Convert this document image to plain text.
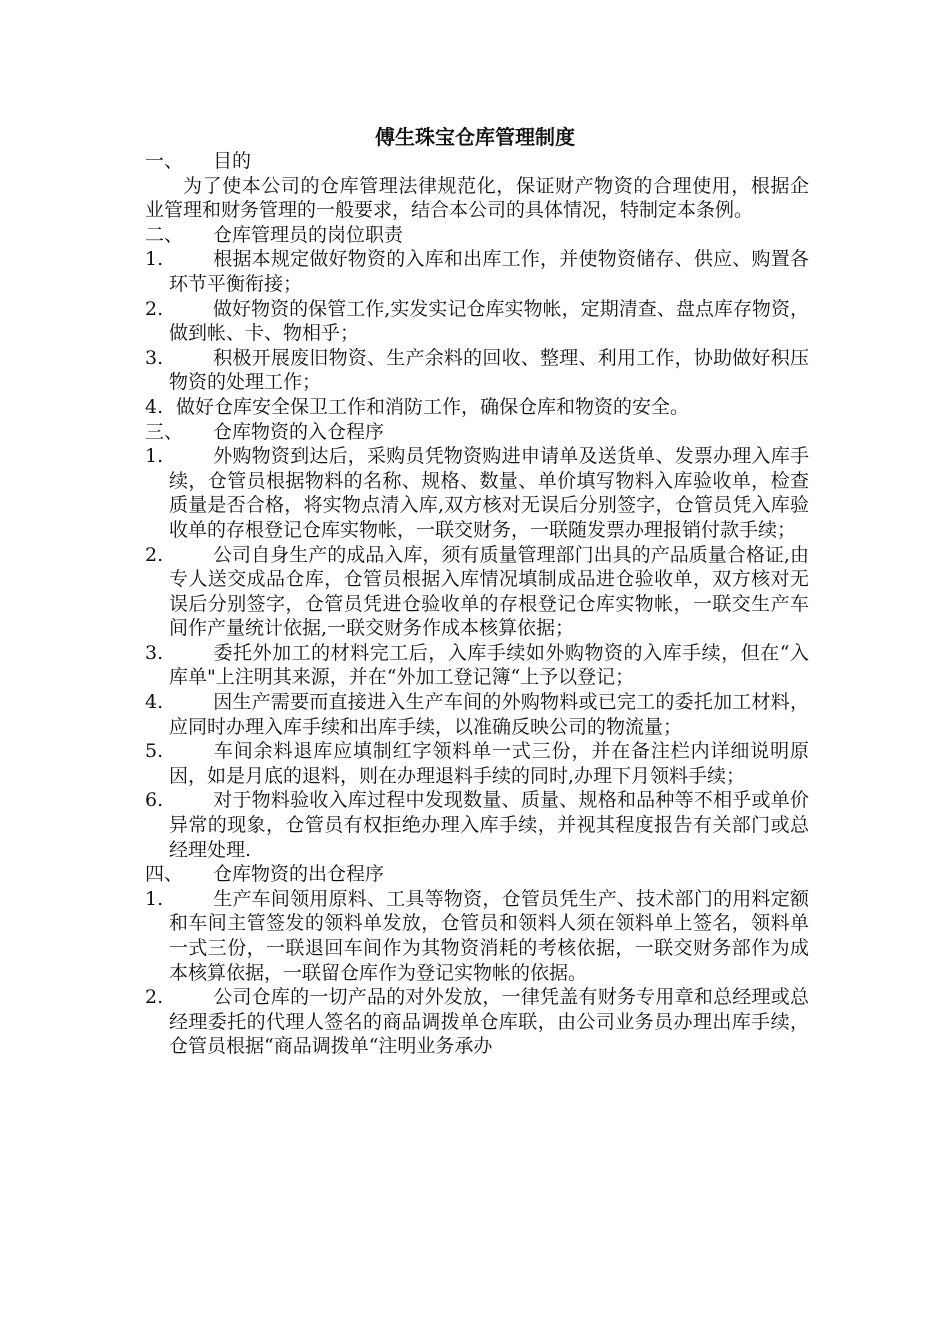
傅生珠宝仓库管理制度
一、 目的
为了使本公司的仓库管理法律规范化，保证财产物资的合理使用，根据企业管理和财务管理的一般要求，结合本公司的具体情况，特制定本条例。
二、 仓库管理员的岗位职责
1.	根据本规定做好物资的入库和出库工作，并使物资储存、供应、购置各环节平衡衔接；
2.	做好物资的保管工作,实发实记仓库实物帐，定期清查、盘点库存物资，做到帐、卡、物相乎；
3.	积极开展废旧物资、生产余料的回收、整理、利用工作，协助做好积压物资的处理工作；
4. 做好仓库安全保卫工作和消防工作，确保仓库和物资的安全。
三、 仓库物资的入仓程序
1.	外购物资到达后，采购员凭物资购进申请单及送货单、发票办理入库手续，仓管员根据物料的名称、规格、数量、单价填写物料入库验收单，检查质量是否合格，将实物点清入库,双方核对无误后分别签字，仓管员凭入库验收单的存根登记仓库实物帐，一联交财务，一联随发票办理报销付款手续；
2.	公司自身生产的成品入库，须有质量管理部门出具的产品质量合格证,由专人送交成品仓库，仓管员根据入库情况填制成品进仓验收单，双方核对无误后分别签字，仓管员凭进仓验收单的存根登记仓库实物帐，一联交生产车间作产量统计依据,一联交财务作成本核算依据；
3.	委托外加工的材料完工后，入库手续如外购物资的入库手续，但在“入库单"上注明其来源，并在“外加工登记簿“上予以登记；
4.	因生产需要而直接进入生产车间的外购物料或已完工的委托加工材料，应同时办理入库手续和出库手续，以准确反映公司的物流量；
5.	车间余料退库应填制红字领料单一式三份，并在备注栏内详细说明原因，如是月底的退料，则在办理退料手续的同时,办理下月领料手续；
6.	对于物料验收入库过程中发现数量、质量、规格和品种等不相乎或单价异常的现象，仓管员有权拒绝办理入库手续，并视其程度报告有关部门或总经理处理.
四、 仓库物资的出仓程序
1.	生产车间领用原料、工具等物资，仓管员凭生产、技术部门的用料定额和车间主管签发的领料单发放，仓管员和领料人须在领料单上签名，领料单一式三份，一联退回车间作为其物资消耗的考核依据，一联交财务部作为成本核算依据，一联留仓库作为登记实物帐的依据。
2.	公司仓库的一切产品的对外发放，一律凭盖有财务专用章和总经理或总经理委托的代理人签名的商品调拨单仓库联，由公司业务员办理出库手续，仓管员根据“商品调拨单“注明业务承办
